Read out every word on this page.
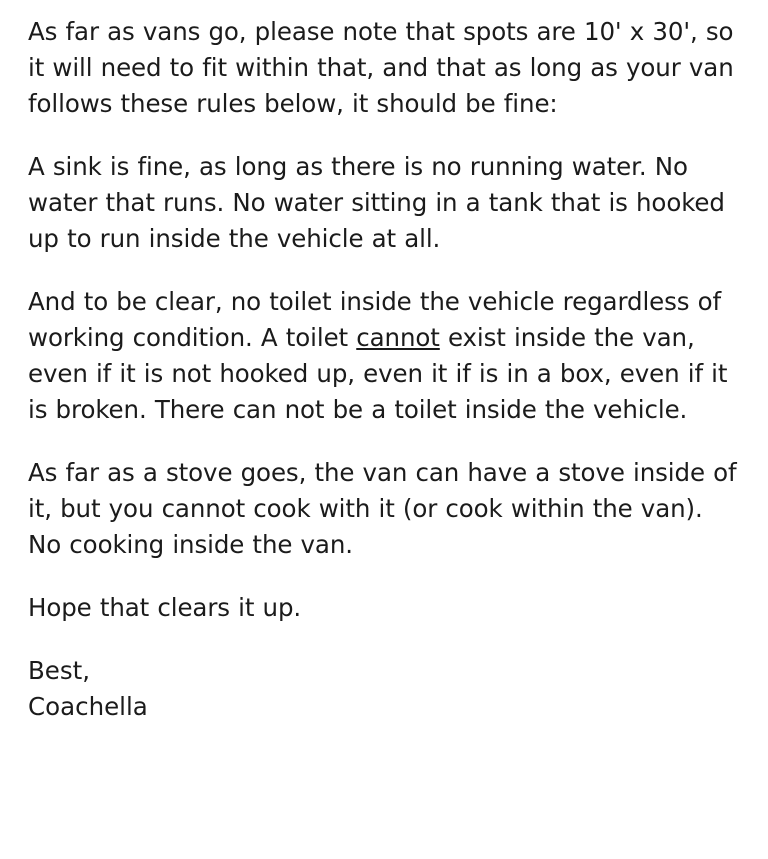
As far as vans go, please note that spots are 10' x 30', so it will need to fit within that, and that as long as your van follows these rules below, it should be fine:

A sink is fine, as long as there is no running water. No water that runs. No water sitting in a tank that is hooked up to run inside the vehicle at all.

And to be clear, no toilet inside the vehicle regardless of working condition. A toilet cannot exist inside the van, even if it is not hooked up, even it if is in a box, even if it is broken. There can not be a toilet inside the vehicle.

As far as a stove goes, the van can have a stove inside of it, but you cannot cook with it (or cook within the van). No cooking inside the van.

Hope that clears it up.

Best,

Coachella
